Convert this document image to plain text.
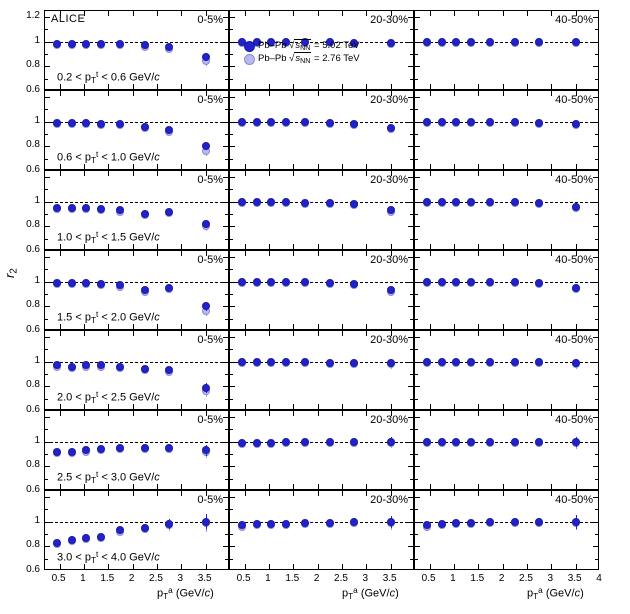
0-5%
$0.2 < p_T^t < 0.6$ GeV/c
ALICE	20-30%
Pb–Pb $√s_{NN} = 5.02$ TeV
Pb–Pb $√s_{NN} = 2.76$ TeV
40-50%
0-5%
$0.6 < p_T^t < 1.0$ GeV/c
20-30%	40-50%
0-5%
$1.0 < p_T^t < 1.5$ GeV/c
20-30%	40-50%
0-5%
$1.5 < p_T^t < 2.0$ GeV/c
20-30%	40-50%
0-5%
$2.0 < p_T^t < 2.5$ GeV/c
20-30%	40-50%
0-5%
$2.5 < p_T^t < 3.0$ GeV/c
20-30%	40-50%
0-5%
$3.0 < p_T^t < 4.0$ GeV/c
20-30%	40-50%
0.6
0.8
1
1.2
0.6
0.8
1
0.6
0.8
1
0.6
0.8
1
0.6
0.8
1
0.6
0.8
1
0.6
0.8
1
0.5	1	1.5	2	2.5	3	3.5
$p_T^a$ (GeV/c)
0.5	1	1.5	2	2.5	3	3.5
$p_T^a$ (GeV/c)
0.5	1	1.5	2	2.5	3	3.5	4
$p_T^a$ (GeV/c)
$r_2$
